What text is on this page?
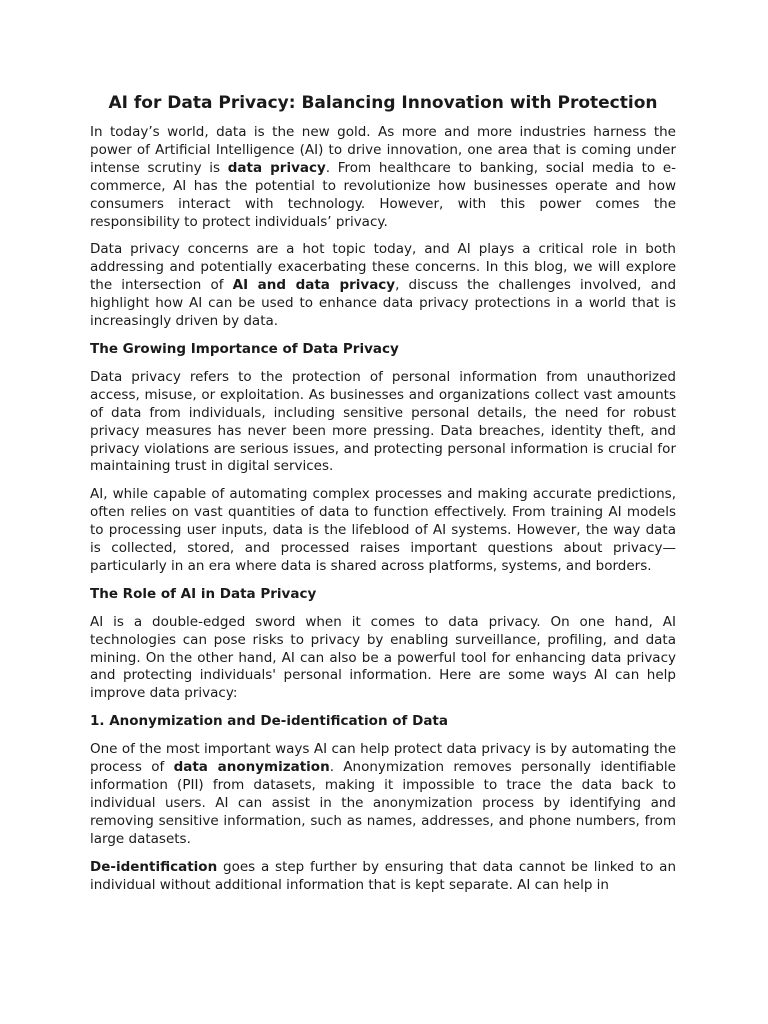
AI for Data Privacy: Balancing Innovation with Protection

In today’s world, data is the new gold. As more and more industries harness the power of Artificial Intelligence (AI) to drive innovation, one area that is coming under intense scrutiny is data privacy. From healthcare to banking, social media to e-commerce, AI has the potential to revolutionize how businesses operate and how consumers interact with technology. However, with this power comes the responsibility to protect individuals’ privacy.

Data privacy concerns are a hot topic today, and AI plays a critical role in both addressing and potentially exacerbating these concerns. In this blog, we will explore the intersection of AI and data privacy, discuss the challenges involved, and highlight how AI can be used to enhance data privacy protections in a world that is increasingly driven by data.

The Growing Importance of Data Privacy

Data privacy refers to the protection of personal information from unauthorized access, misuse, or exploitation. As businesses and organizations collect vast amounts of data from individuals, including sensitive personal details, the need for robust privacy measures has never been more pressing. Data breaches, identity theft, and privacy violations are serious issues, and protecting personal information is crucial for maintaining trust in digital services.

AI, while capable of automating complex processes and making accurate predictions, often relies on vast quantities of data to function effectively. From training AI models to processing user inputs, data is the lifeblood of AI systems. However, the way data is collected, stored, and processed raises important questions about privacy—particularly in an era where data is shared across platforms, systems, and borders.

The Role of AI in Data Privacy

AI is a double-edged sword when it comes to data privacy. On one hand, AI technologies can pose risks to privacy by enabling surveillance, profiling, and data mining. On the other hand, AI can also be a powerful tool for enhancing data privacy and protecting individuals' personal information. Here are some ways AI can help improve data privacy:

1. Anonymization and De-identification of Data

One of the most important ways AI can help protect data privacy is by automating the process of data anonymization. Anonymization removes personally identifiable information (PII) from datasets, making it impossible to trace the data back to individual users. AI can assist in the anonymization process by identifying and removing sensitive information, such as names, addresses, and phone numbers, from large datasets.

De-identification goes a step further by ensuring that data cannot be linked to an individual without additional information that is kept separate. AI can help in
